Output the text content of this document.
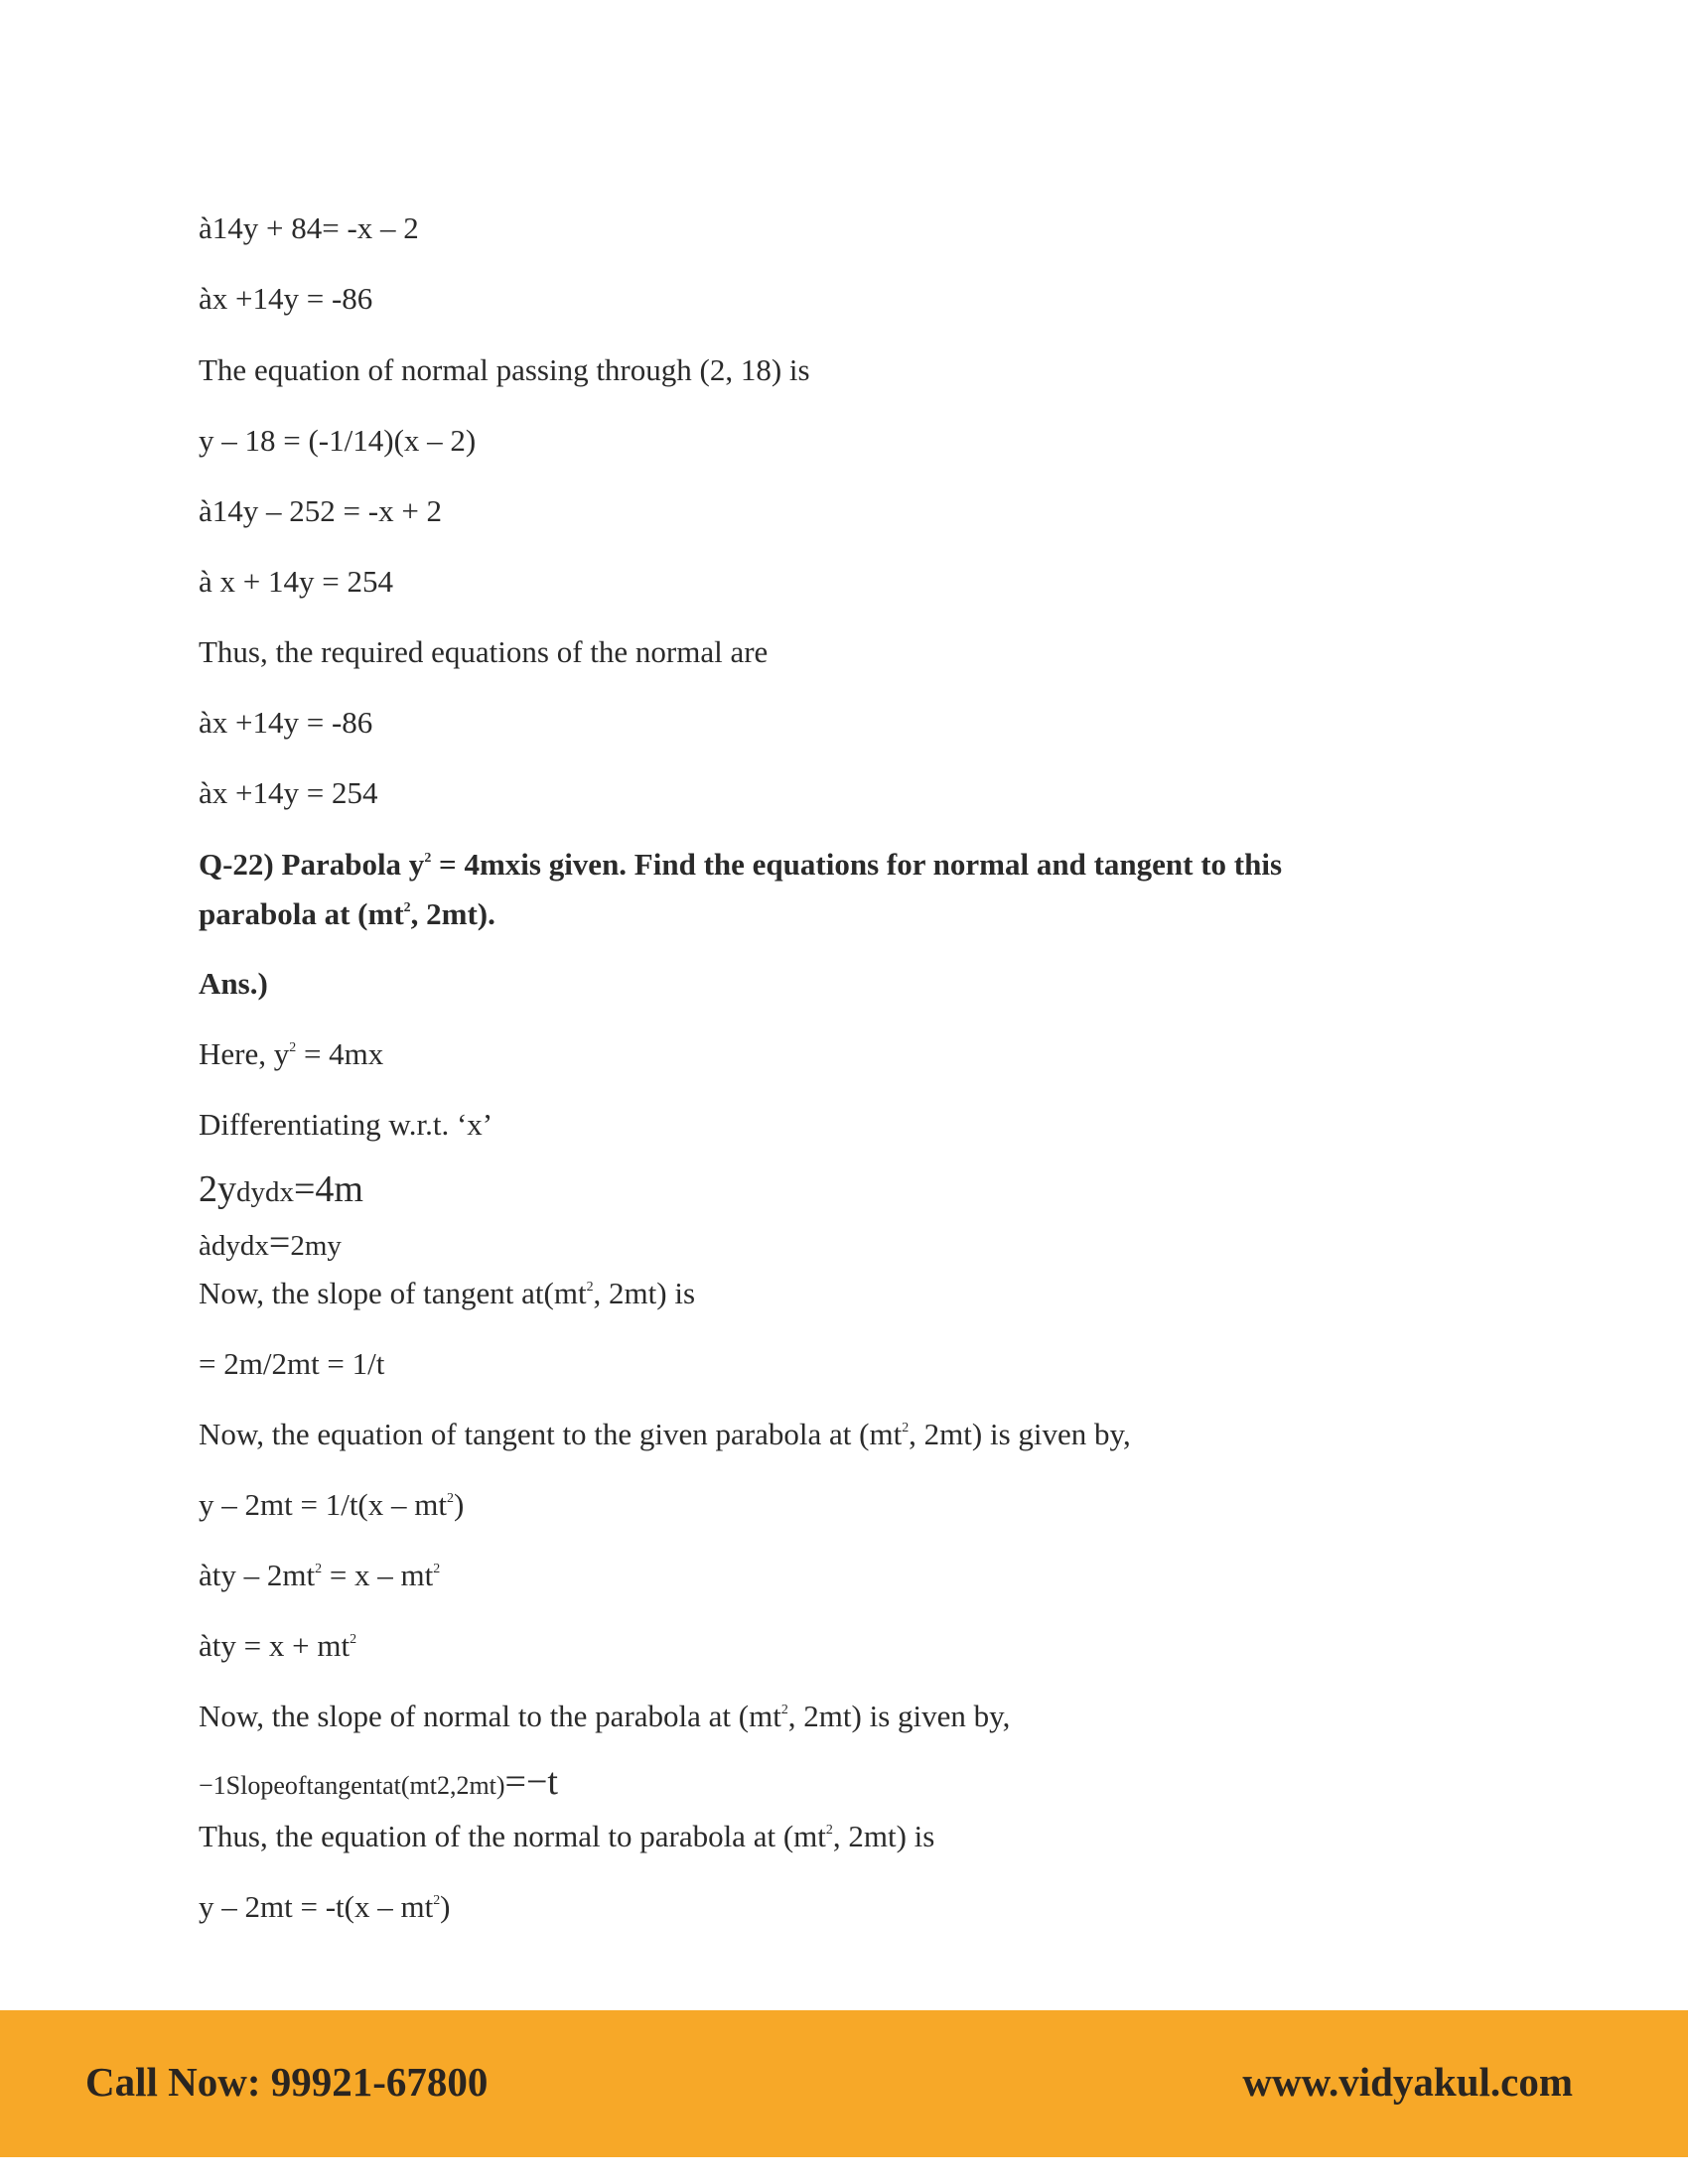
à14y + 84= -x – 2
àx +14y = -86
The equation of normal passing through (2, 18) is
y – 18 = (-1/14)(x – 2)
à14y – 252 = -x + 2
à x + 14y = 254
Thus, the required equations of the normal are
àx +14y = -86
àx +14y = 254
Q-22) Parabola $y^2$ = 4mxis given. Find the equations for normal and tangent to this
parabola at ($mt^2$, 2mt).
Ans.)
Here, $y^2 = 4mx$
Differentiating w.r.t. ‘x’
2ydydx=4m
àdydx=2my
Now, the slope of tangent $at(mt^2$, 2mt) is
= 2m/2mt = 1/t
Now, the equation of tangent to the given parabola at ($mt^2$, 2mt) is given by,
$y - 2mt = 1/t(x - mt^2)$
àty – $2mt^2 = x - mt^2$
àty = $x + mt^2$
Now, the slope of normal to the parabola at ($mt^2$, 2mt) is given by,
−1Slopeoftangentat(mt2,2mt)=−t
Thus, the equation of the normal to parabola at ($mt^2$, 2mt) is
$y - 2mt = -t(x - mt^2)$
Call Now: 99921-67800	www.vidyakul.com
